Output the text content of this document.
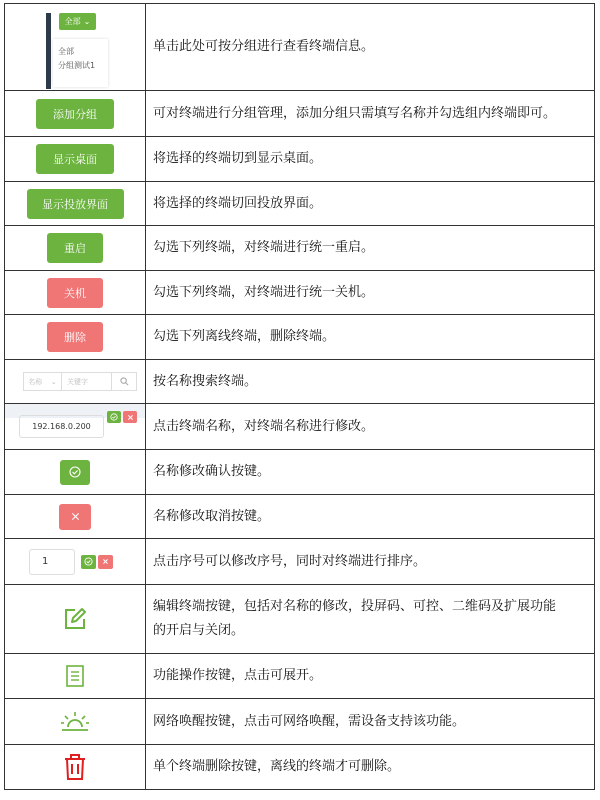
全部 ⌄
全部
分组测试1	单击此处可按分组进行查看终端信息。

添加分组	可对终端进行分组管理，添加分组只需填写名称并勾选组内终端即可。

显示桌面	将选择的终端切到显示桌面。

显示投放界面	将选择的终端切回投放界面。

重启	勾选下列终端，对终端进行统一重启。

关机	勾选下列终端，对终端进行统一关机。

删除	勾选下列离线终端，删除终端。

名称 ⌄ 关键字	按名称搜索终端。

192.168.0.200	点击终端名称，对终端名称进行修改。

	名称修改确认按键。

	名称修改取消按键。

1	点击序号可以修改序号，同时对终端进行排序。

编辑终端按键，包括对名称的修改，投屏码、可控、二维码及扩展功能
的开启与关闭。

	功能操作按键，点击可展开。

	网络唤醒按键，点击可网络唤醒，需设备支持该功能。

	单个终端删除按键，离线的终端才可删除。
